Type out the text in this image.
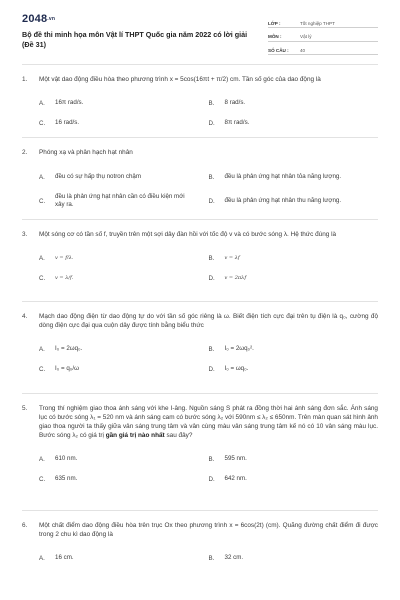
2048.vn
Bộ đề thi minh họa môn Vật lí THPT Quốc gia năm 2022 có lời giải (Đề 31)
LỚP :	Tốt nghiệp THPT
MÔN :	Vật lý
SỐ CÂU :	40
1. Một vật dao động điều hòa theo phương trình x = 5cos(16πt + π/2) cm. Tần số góc của dao động là
A.	16π rad/s.	B.	8 rad/s.
C.	16 rad/s.	D.	8π rad/s.
2. Phóng xạ và phân hạch hạt nhân
A.	đều có sự hấp thụ notron chậm	B.	đều là phản ứng hạt nhân tỏa năng lượng.
C.
đều là phản ứng hạt nhân cần có điều kiện mới xảy ra.	D.	đều là phản ứng hạt nhân thu năng lượng.
3. Một sóng cơ có tần số f, truyền trên một sợi dây đàn hồi với tốc độ v và có bước sóng λ. Hệ thức đúng là
A.	v = f/λ.	B.	v = λf
C.	v = λ/f.	D.	v = 2πλf
4. Mạch dao động điện từ dao động tự do với tần số góc riêng là ω. Biết điện tích cực đại trên tụ điện là q₀, cường độ dòng điện cực đại qua cuộn dây được tính bằng biểu thức
A.	I₀ = 2ωq₀.	B.	I₀ = 2ωq₀².
C.	I₀ = q₀/ω	D.	I₀ = ωq₀.
5. Trong thí nghiệm giao thoa ánh sáng với khe I-âng. Nguồn sáng S phát ra đồng thời hai ánh sáng đơn sắc. Ánh sáng lục có bước sóng λ₁ = 520 nm và ánh sáng cam có bước sóng λ₂ với 590nm ≤ λ₂ ≤ 650nm. Trên màn quan sát hình ảnh giao thoa người ta thấy giữa vân sáng trung tâm và vân cùng màu vân sáng trung tâm kế nó có 10 vân sáng màu lục. Bước sóng λ₂ có giá trị gần giá trị nào nhất sau đây?
A.	610 nm.	B.	595 nm.
C.	635 nm.	D.	642 nm.
6. Một chất điểm dao động điều hòa trên trục Ox theo phương trình x = 6cos(2t) (cm). Quãng đường chất điểm đi được trong 2 chu kì dao động là
A.	16 cm.	B.	32 cm.
